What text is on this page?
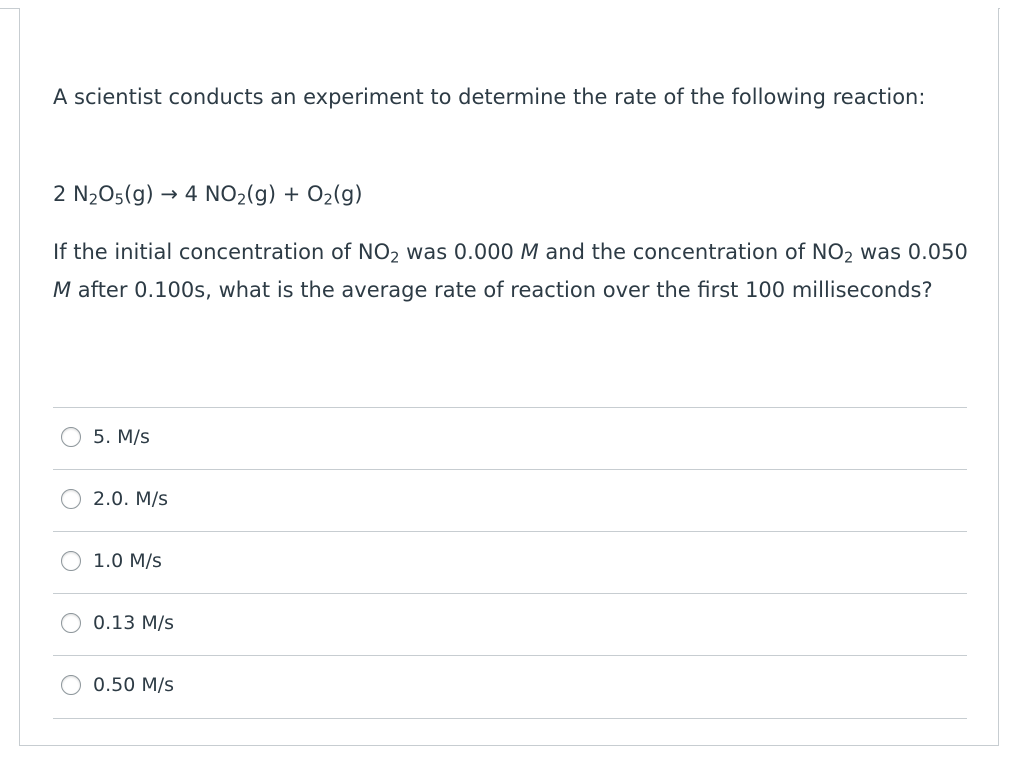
A scientist conducts an experiment to determine the rate of the following reaction:
2 $N_2O_5(g) \to 4$ $NO_2(g) + O_2(g)$
If the initial concentration of $NO_2$ was 0.000 M and the concentration of $NO_2$ was 0.050 M after 0.100s, what is the average rate of reaction over the first 100 milliseconds?
5. M/s
2.0. M/s
1.0 M/s
0.13 M/s
0.50 M/s
